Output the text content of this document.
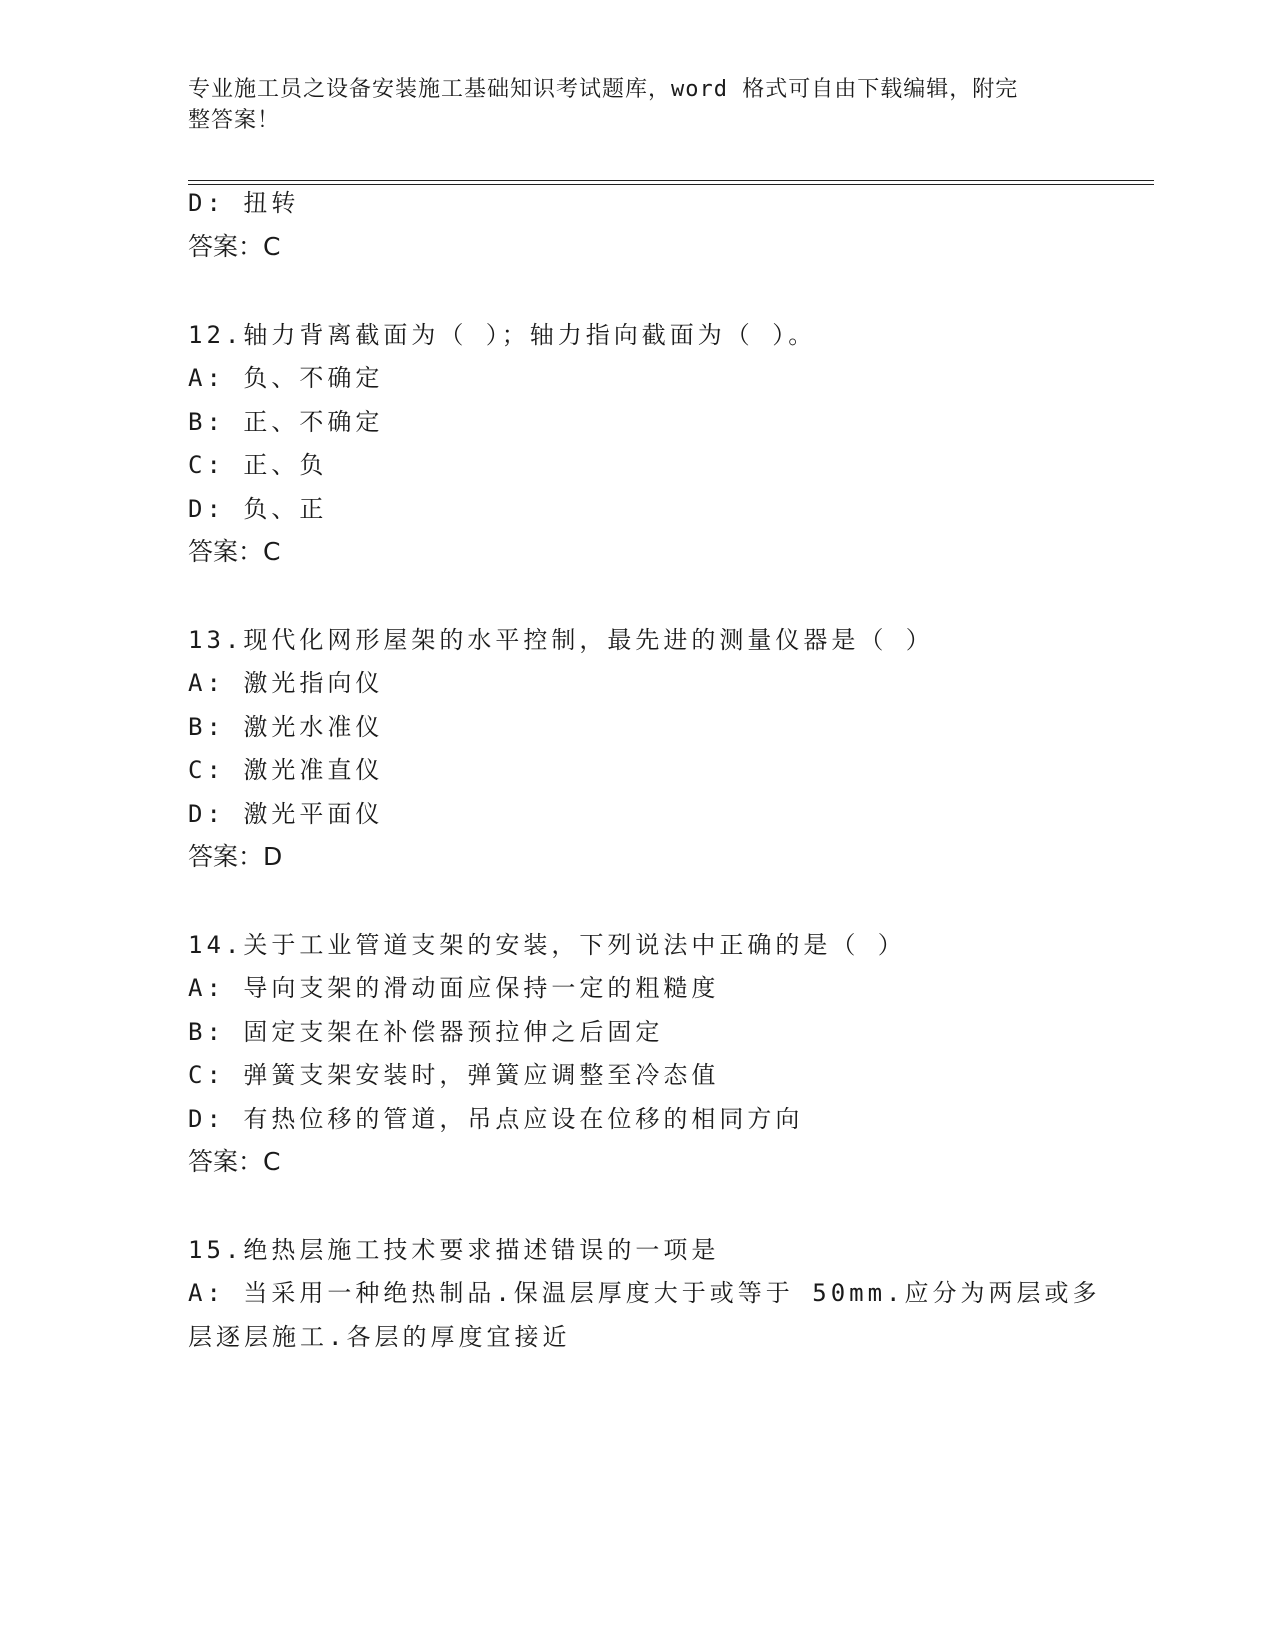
专业施工员之设备安装施工基础知识考试题库，word 格式可自由下载编辑，附完
整答案！
D: 扭转
答案：C
12.轴力背离截面为（ ）；轴力指向截面为（ ）。
A: 负、不确定
B: 正、不确定
C: 正、负
D: 负、正
答案：C
13.现代化网形屋架的水平控制，最先进的测量仪器是（ ）
A: 激光指向仪
B: 激光水准仪
C: 激光准直仪
D: 激光平面仪
答案：D
14.关于工业管道支架的安装，下列说法中正确的是（ ）
A: 导向支架的滑动面应保持一定的粗糙度
B: 固定支架在补偿器预拉伸之后固定
C: 弹簧支架安装时，弹簧应调整至冷态值
D: 有热位移的管道，吊点应设在位移的相同方向
答案：C
15.绝热层施工技术要求描述错误的一项是
A: 当采用一种绝热制品.保温层厚度大于或等于 50mm.应分为两层或多
层逐层施工.各层的厚度宜接近
